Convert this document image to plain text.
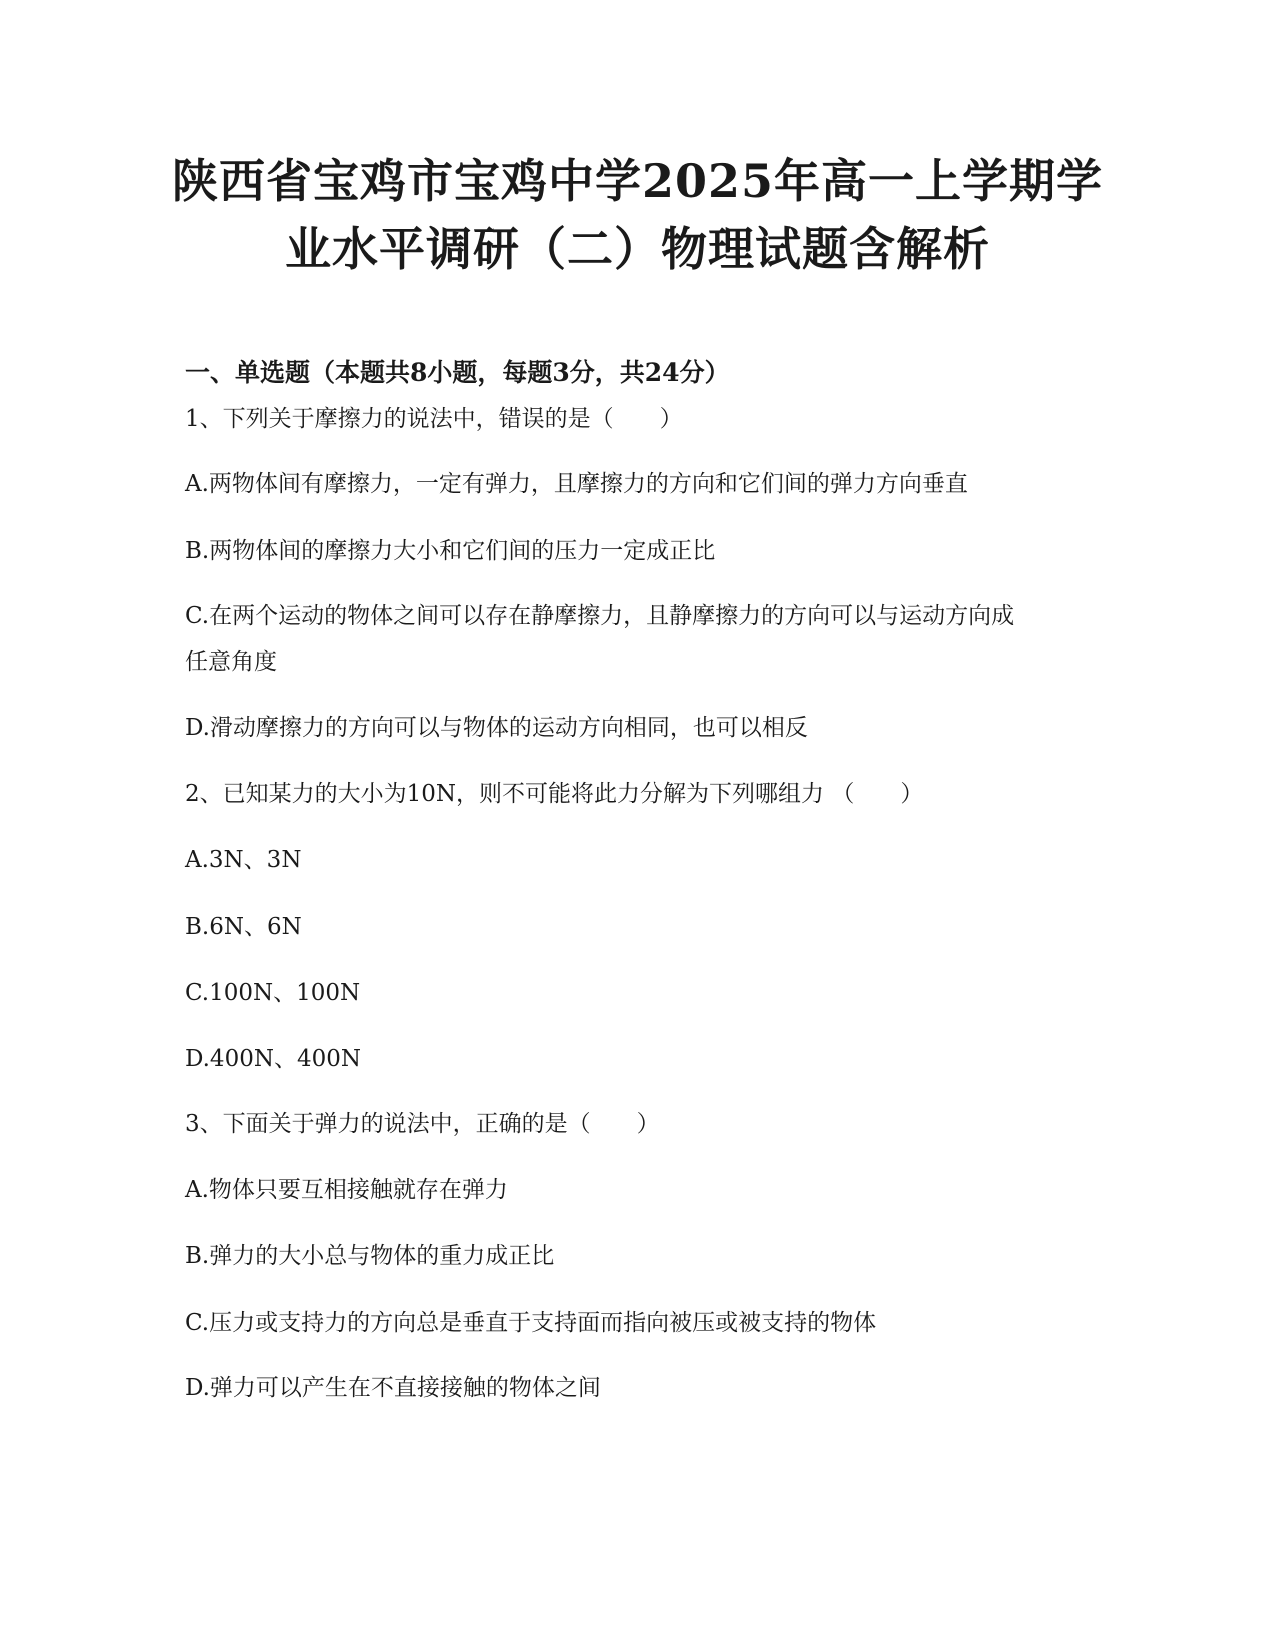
陕西省宝鸡市宝鸡中学2025年高一上学期学
业水平调研（二）物理试题含解析
一、单选题（本题共8小题，每题3分，共24分）
1、下列关于摩擦力的说法中，错误的是（　　）
A.两物体间有摩擦力，一定有弹力，且摩擦力的方向和它们间的弹力方向垂直
B.两物体间的摩擦力大小和它们间的压力一定成正比
C.在两个运动的物体之间可以存在静摩擦力，且静摩擦力的方向可以与运动方向成
任意角度
D.滑动摩擦力的方向可以与物体的运动方向相同，也可以相反
2、已知某力的大小为10N，则不可能将此力分解为下列哪组力 （　　）
A.3N、3N
B.6N、6N
C.100N、100N
D.400N、400N
3、下面关于弹力的说法中，正确的是（　　）
A.物体只要互相接触就存在弹力
B.弹力的大小总与物体的重力成正比
C.压力或支持力的方向总是垂直于支持面而指向被压或被支持的物体
D.弹力可以产生在不直接接触的物体之间
